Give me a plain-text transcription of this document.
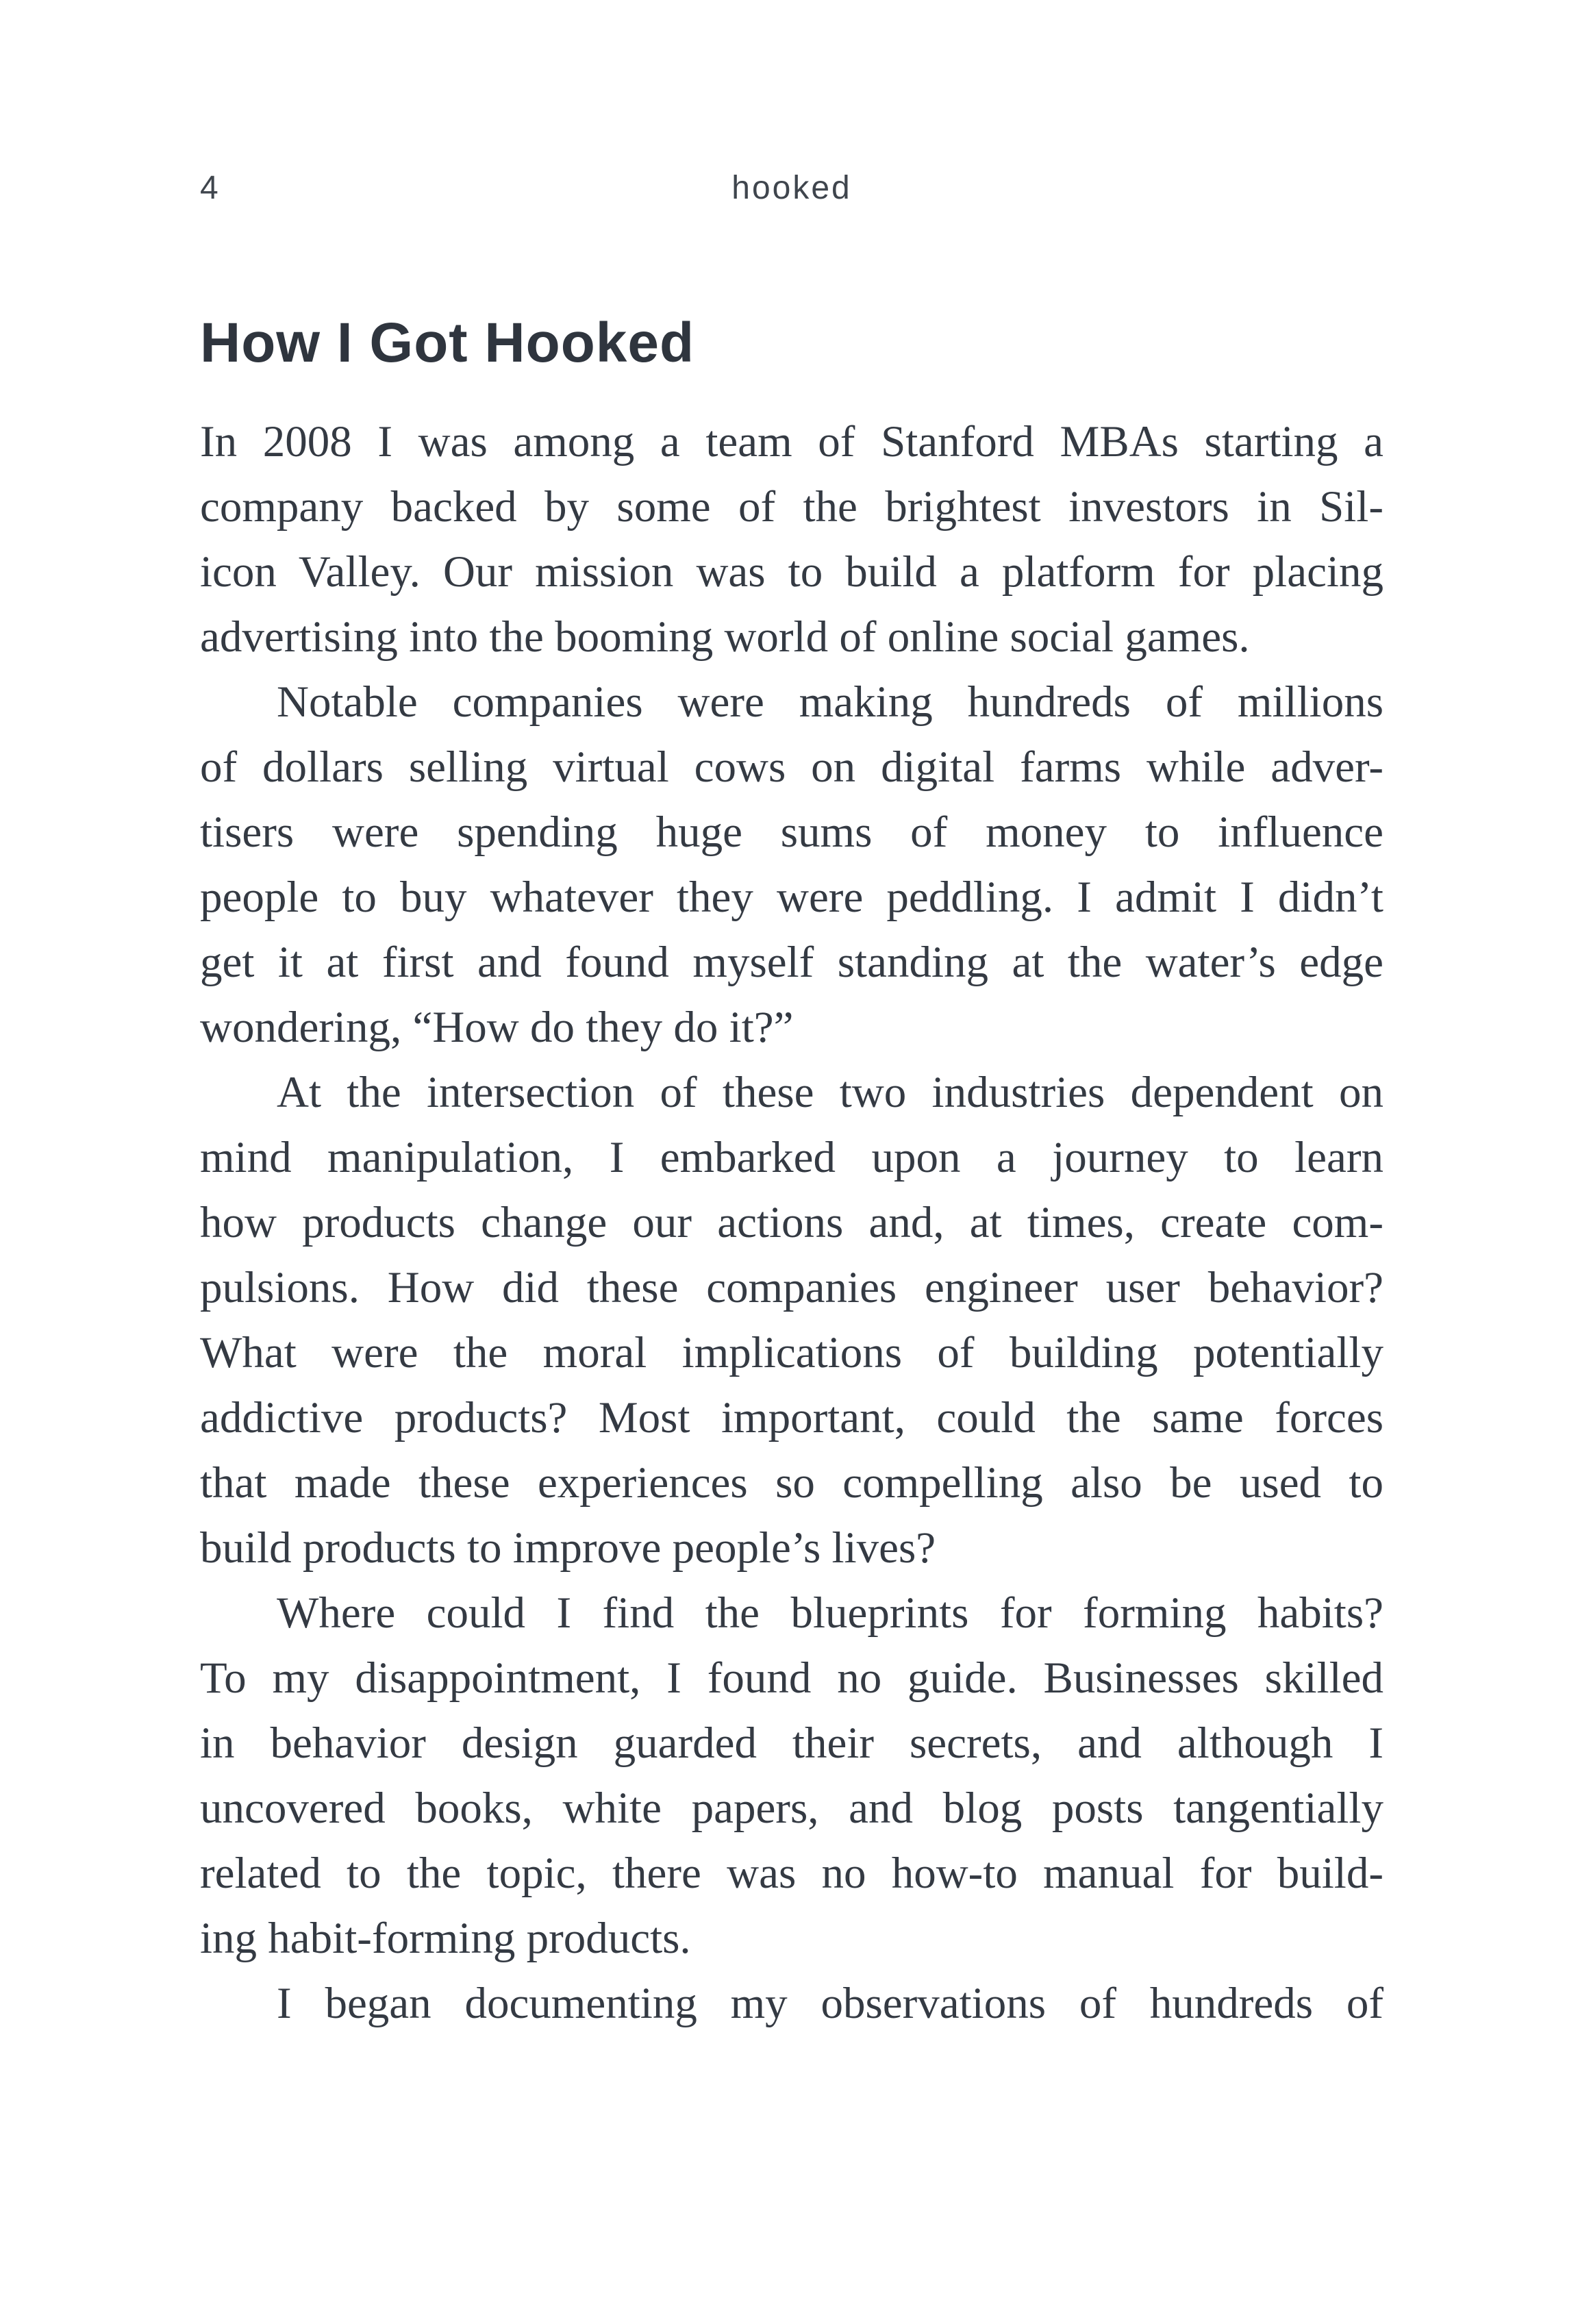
4	hooked
How I Got Hooked

In 2008 I was among a team of Stanford MBAs starting a
company backed by some of the brightest investors in Sil-
icon Valley. Our mission was to build a platform for placing
advertising into the booming world of online social games.

Notable companies were making hundreds of millions
of dollars selling virtual cows on digital farms while adver-
tisers were spending huge sums of money to influence
people to buy whatever they were peddling. I admit I didn’t
get it at first and found myself standing at the water’s edge
wondering, “How do they do it?”

At the intersection of these two industries dependent on
mind manipulation, I embarked upon a journey to learn
how products change our actions and, at times, create com-
pulsions. How did these companies engineer user behavior?
What were the moral implications of building potentially
addictive products? Most important, could the same forces
that made these experiences so compelling also be used to
build products to improve people’s lives?

Where could I find the blueprints for forming habits?
To my disappointment, I found no guide. Businesses skilled
in behavior design guarded their secrets, and although I
uncovered books, white papers, and blog posts tangentially
related to the topic, there was no how-to manual for build-
ing habit-forming products.

I began documenting my observations of hundreds of
